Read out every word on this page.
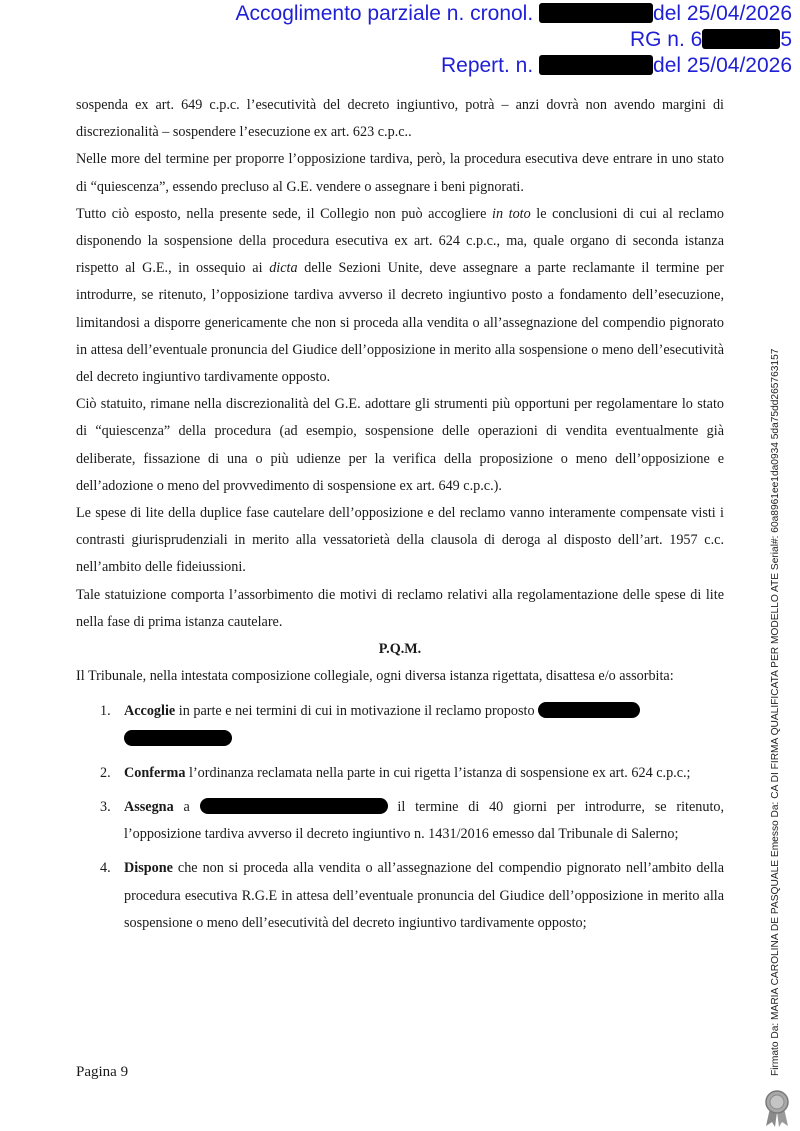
Accoglimento parziale n. cronol.	del 25/04/2026
RG n. 6	5
Repert. n.	del 25/04/2026

sospenda ex art. 649 c.p.c. l’esecutività del decreto ingiuntivo, potrà – anzi dovrà non avendo margini di discrezionalità – sospendere l’esecuzione ex art. 623 c.p.c..

Nelle more del termine per proporre l’opposizione tardiva, però, la procedura esecutiva deve entrare in uno stato di “quiescenza”, essendo precluso al G.E. vendere o assegnare i beni pignorati.

Tutto ciò esposto, nella presente sede, il Collegio non può accogliere in toto le conclusioni di cui al reclamo disponendo la sospensione della procedura esecutiva ex art. 624 c.p.c., ma, quale organo di seconda istanza rispetto al G.E., in ossequio ai dicta delle Sezioni Unite, deve assegnare a parte reclamante il termine per introdurre, se ritenuto, l’opposizione tardiva avverso il decreto ingiuntivo posto a fondamento dell’esecuzione, limitandosi a disporre genericamente che non si proceda alla vendita o all’assegnazione del compendio pignorato in attesa dell’eventuale pronuncia del Giudice dell’opposizione in merito alla sospensione o meno dell’esecutività del decreto ingiuntivo tardivamente opposto.

Ciò statuito, rimane nella discrezionalità del G.E. adottare gli strumenti più opportuni per regolamentare lo stato di “quiescenza” della procedura (ad esempio, sospensione delle operazioni di vendita eventualmente già deliberate, fissazione di una o più udienze per la verifica della proposizione o meno dell’opposizione e dell’adozione o meno del provvedimento di sospensione ex art. 649 c.p.c.).

Le spese di lite della duplice fase cautelare dell’opposizione e del reclamo vanno interamente compensate visti i contrasti giurisprudenziali in merito alla vessatorietà della clausola di deroga al disposto dell’art. 1957 c.c. nell’ambito delle fideiussioni.

Tale statuizione comporta l’assorbimento die motivi di reclamo relativi alla regolamentazione delle spese di lite nella fase di prima istanza cautelare.

P.Q.M.

Il Tribunale, nella intestata composizione collegiale, ogni diversa istanza rigettata, disattesa e/o assorbita:

1. Accoglie in parte e nei termini di cui in motivazione il reclamo proposto

2. Conferma l’ordinanza reclamata nella parte in cui rigetta l’istanza di sospensione ex art. 624 c.p.c.;
3. Assegna a	il termine di 40 giorni per introdurre, se ritenuto, l’opposizione tardiva avverso il decreto ingiuntivo n. 1431/2016 emesso dal Tribunale di Salerno;
4. Dispone che non si proceda alla vendita o all’assegnazione del compendio pignorato nell’ambito della procedura esecutiva R.G.E in attesa dell’eventuale pronuncia del Giudice dell’opposizione in merito alla sospensione o meno dell’esecutività del decreto ingiuntivo tardivamente opposto;
Pagina 9	Firmato Da: MARIA CAROLINA DE PASQUALE Emesso Da: CA DI FIRMA QUALIFICATA PER MODELLO ATE Serial#: 60a8961ee1da0934 5da75dd265763157
